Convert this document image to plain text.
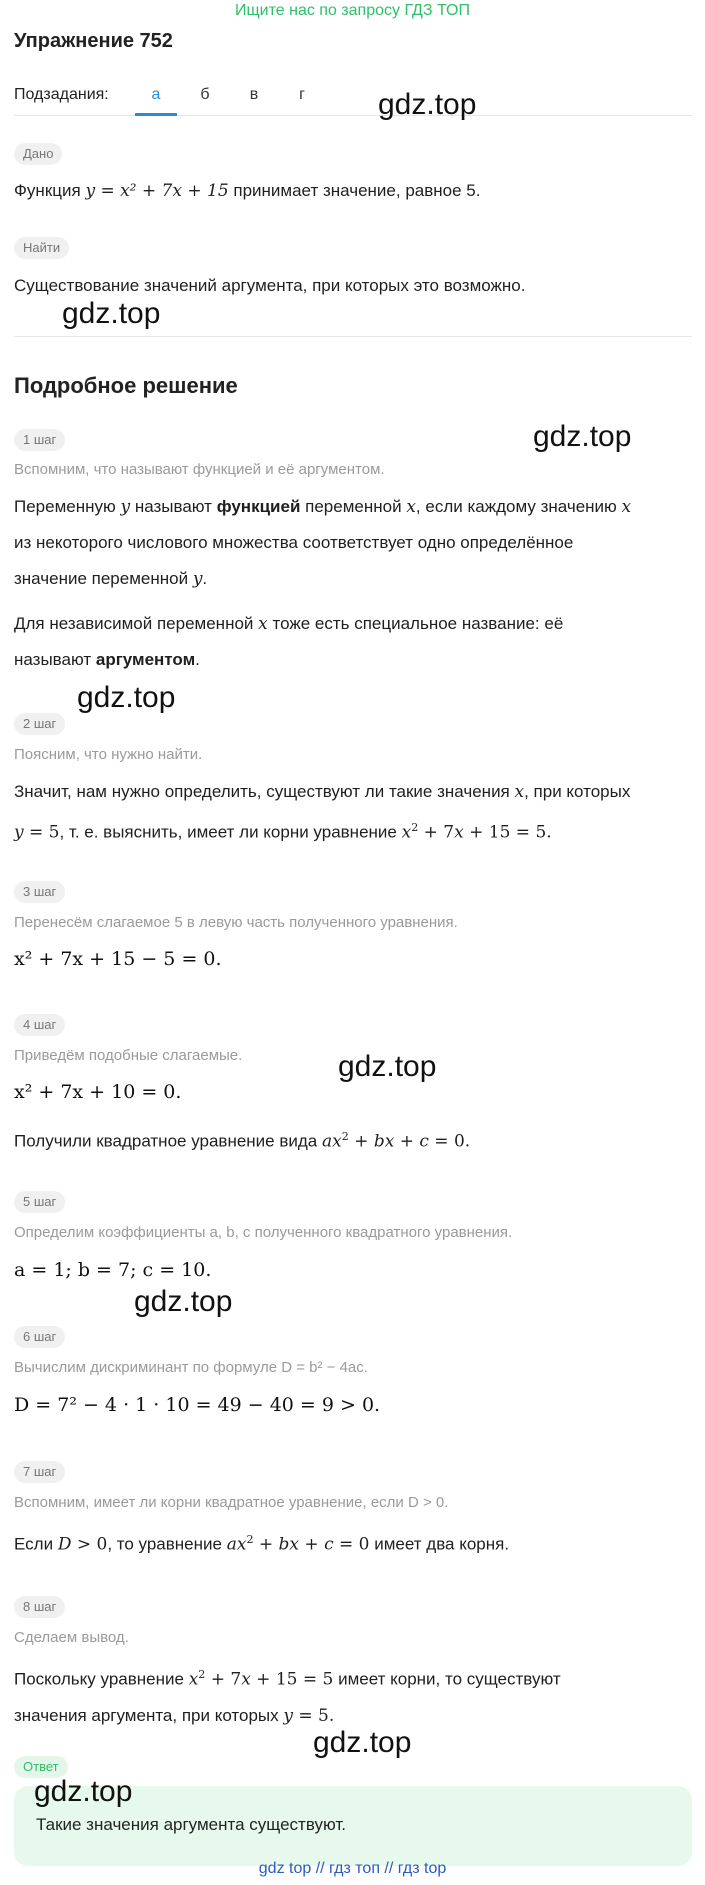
Ищите нас по запросу ГДЗ ТОП
Упражнение 752
Подзадания:	а	б	в	г
Дано
Функция y = x² + 7x + 15 принимает значение, равное 5.
Найти
Существование значений аргумента, при которых это возможно.
Подробное решение
1 шаг
Вспомним, что называют функцией и её аргументом.
Переменную y называют функцией переменной x, если каждому значению x
из некоторого числового множества соответствует одно определённое
значение переменной y.
Для независимой переменной x тоже есть специальное название: её
называют аргументом.
2 шаг
Поясним, что нужно найти.
Значит, нам нужно определить, существуют ли такие значения x, при которых
y = 5, т. е. выяснить, имеет ли корни уравнение $x^2 + 7x + 15 = 5$.
3 шаг
Перенесём слагаемое 5 в левую часть полученного уравнения.
x² + 7x + 15 − 5 = 0.
4 шаг
Приведём подобные слагаемые.
x² + 7x + 10 = 0.
Получили квадратное уравнение вида $ax^2$ + bx + c = 0.
5 шаг
Определим коэффициенты a, b, c полученного квадратного уравнения.
a = 1; b = 7; c = 10.
6 шаг
Вычислим дискриминант по формуле D = b² − 4ac.
D = 7² − 4 · 1 · 10 = 49 − 40 = 9 > 0.
7 шаг
Вспомним, имеет ли корни квадратное уравнение, если D > 0.
Если D > 0, то уравнение $ax^2$ + bx + c = 0 имеет два корня.
8 шаг
Сделаем вывод.
Поскольку уравнение $x^2 + 7x + 15 = 5$ имеет корни, то существуют
значения аргумента, при которых y = 5.
Ответ
Такие значения аргумента существуют.
gdz.top
gdz.top
gdz.top
gdz.top
gdz.top
gdz.top
gdz.top
gdz.top
gdz top // гдз топ // гдз top
